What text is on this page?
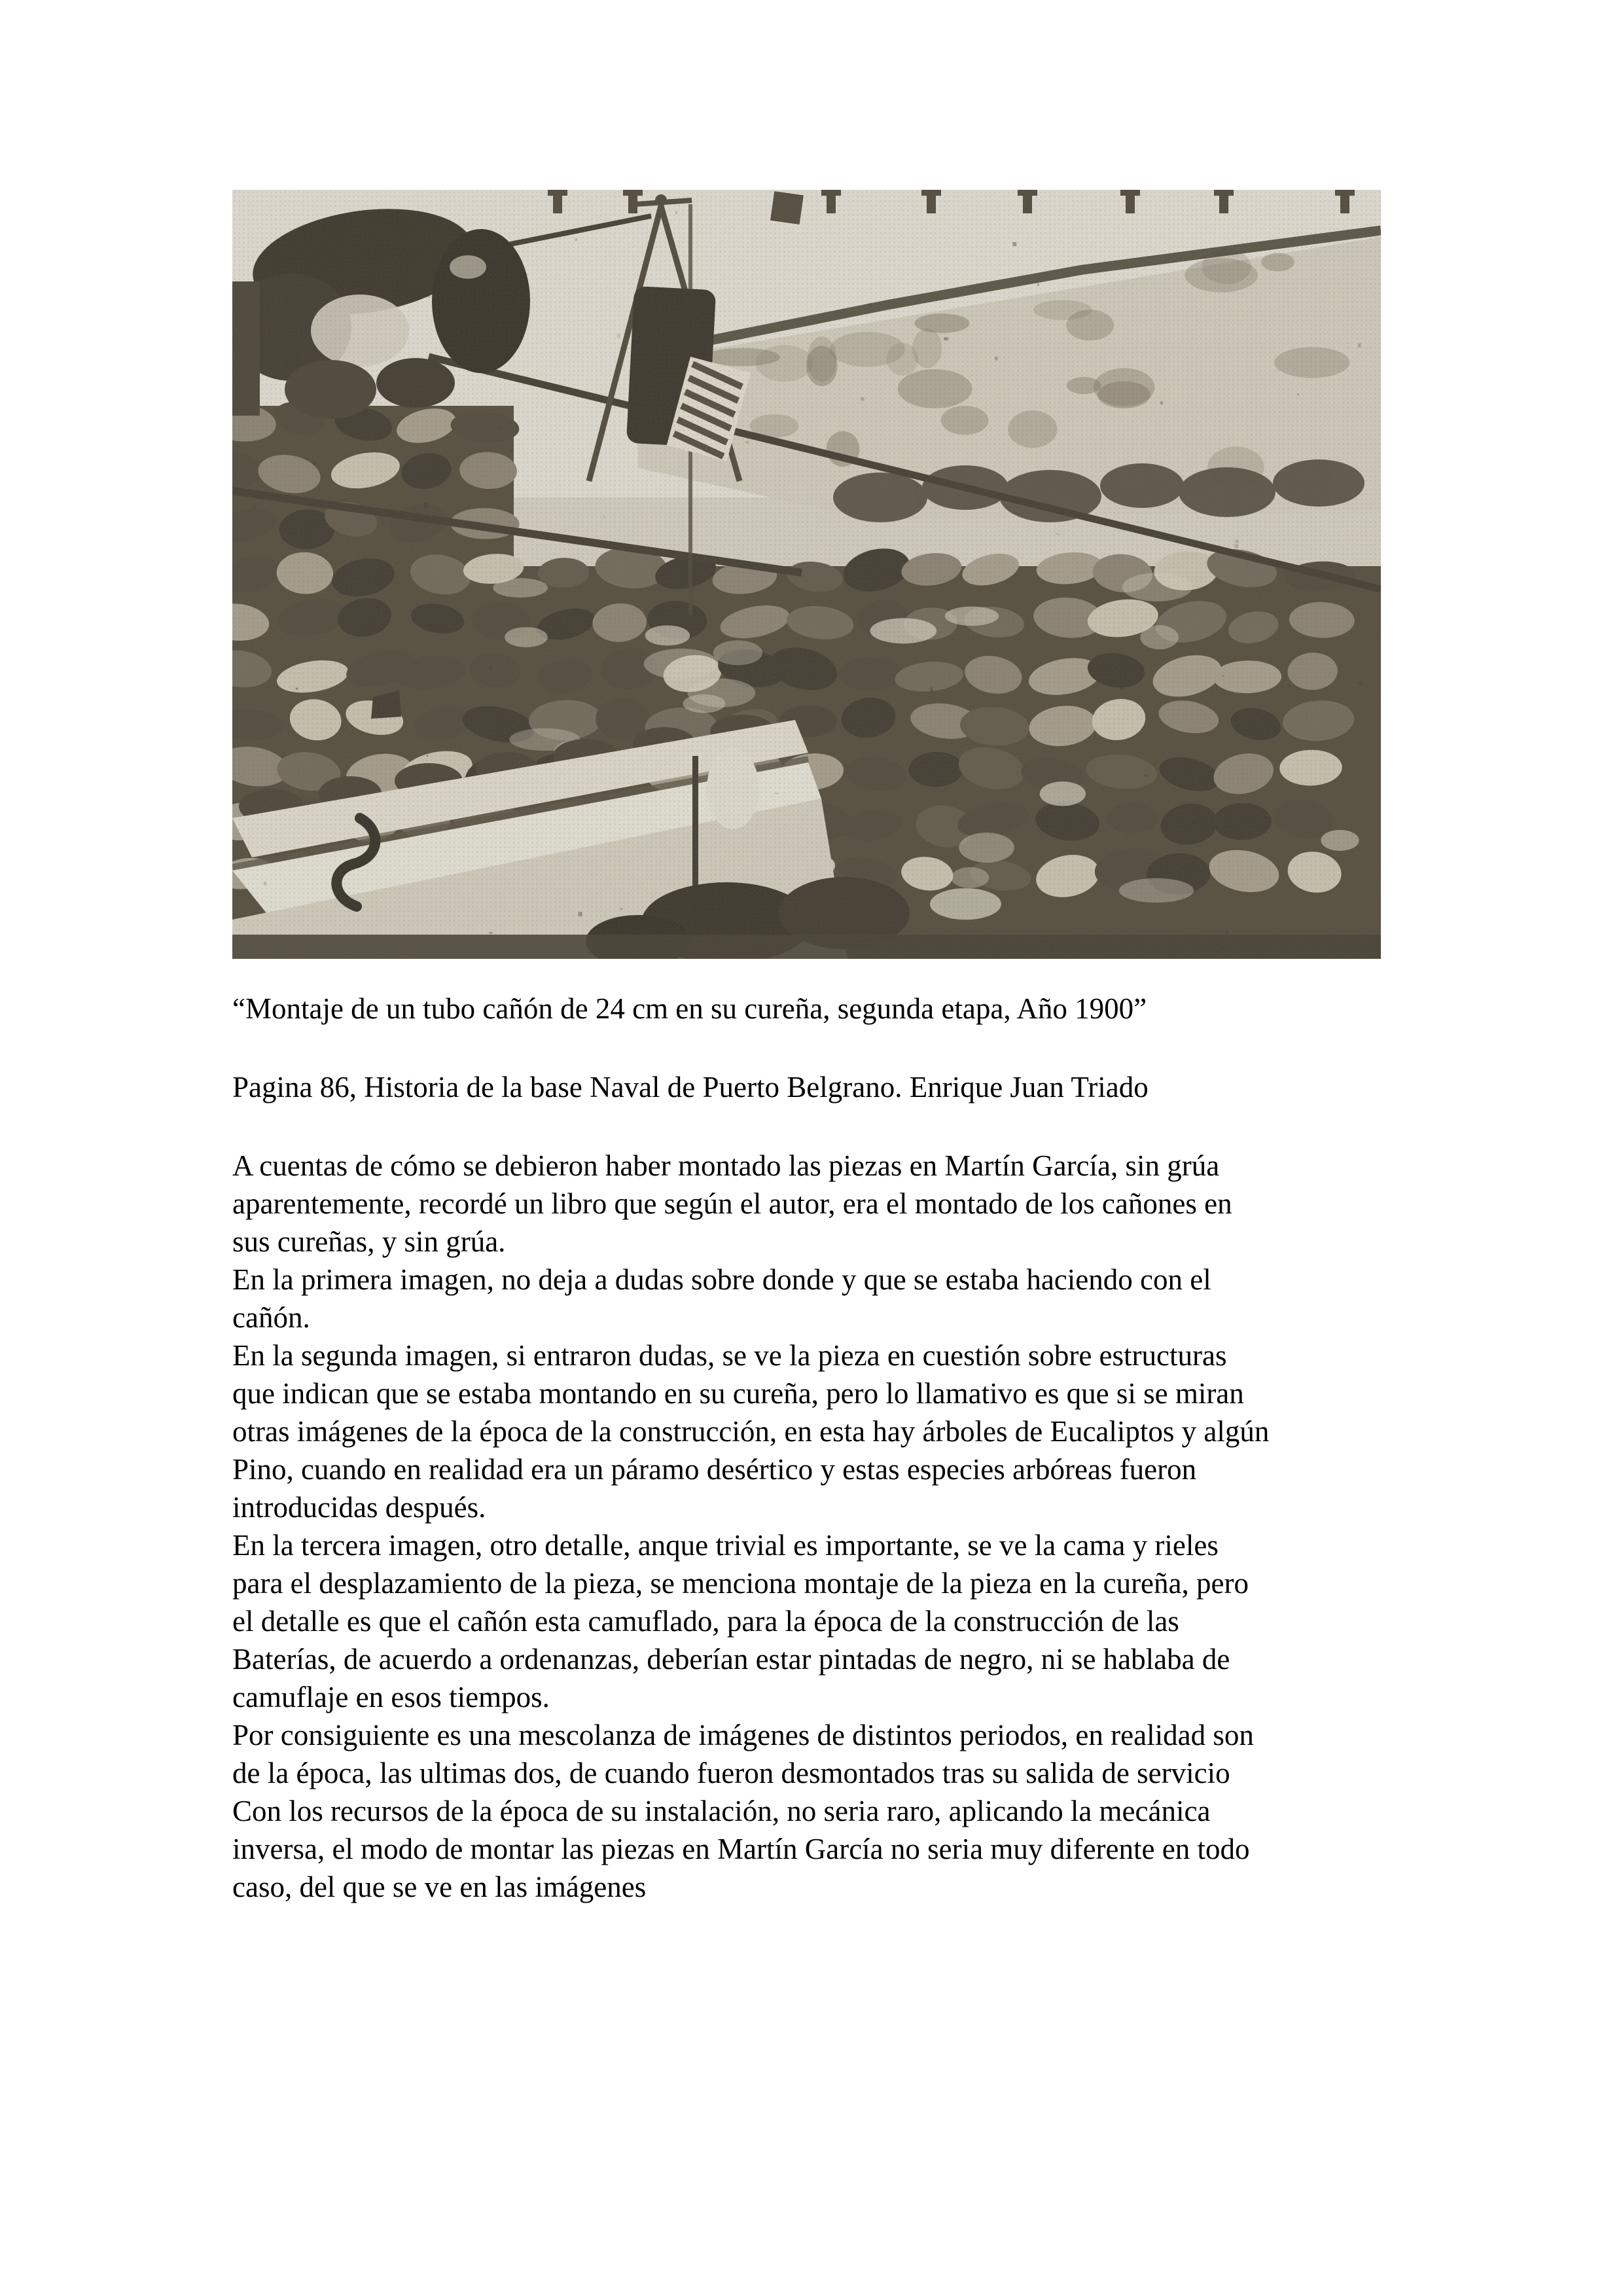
“Montaje de un tubo cañón de 24 cm en su cureña, segunda etapa, Año 1900”
Pagina 86, Historia de la base Naval de Puerto Belgrano. Enrique Juan Triado
A cuentas de cómo se debieron haber montado las piezas en Martín García, sin grúa
aparentemente, recordé un libro que según el autor, era el montado de los cañones en
sus cureñas, y sin grúa.
En la primera imagen, no deja a dudas sobre donde y que se estaba haciendo con el
cañón.
En la segunda imagen, si entraron dudas, se ve la pieza en cuestión sobre estructuras
que indican que se estaba montando en su cureña, pero lo llamativo es que si se miran
otras imágenes de la época de la construcción, en esta hay árboles de Eucaliptos y algún
Pino, cuando en realidad era un páramo desértico y estas especies arbóreas fueron
introducidas después.
En la tercera imagen, otro detalle, anque trivial es importante, se ve la cama y rieles
para el desplazamiento de la pieza, se menciona montaje de la pieza en la cureña, pero
el detalle es que el cañón esta camuflado, para la época de la construcción de las
Baterías, de acuerdo a ordenanzas, deberían estar pintadas de negro, ni se hablaba de
camuflaje en esos tiempos.
Por consiguiente es una mescolanza de imágenes de distintos periodos, en realidad son
de la época, las ultimas dos, de cuando fueron desmontados tras su salida de servicio
Con los recursos de la época de su instalación, no seria raro, aplicando la mecánica
inversa, el modo de montar las piezas en Martín García no seria muy diferente en todo
caso, del que se ve en las imágenes
